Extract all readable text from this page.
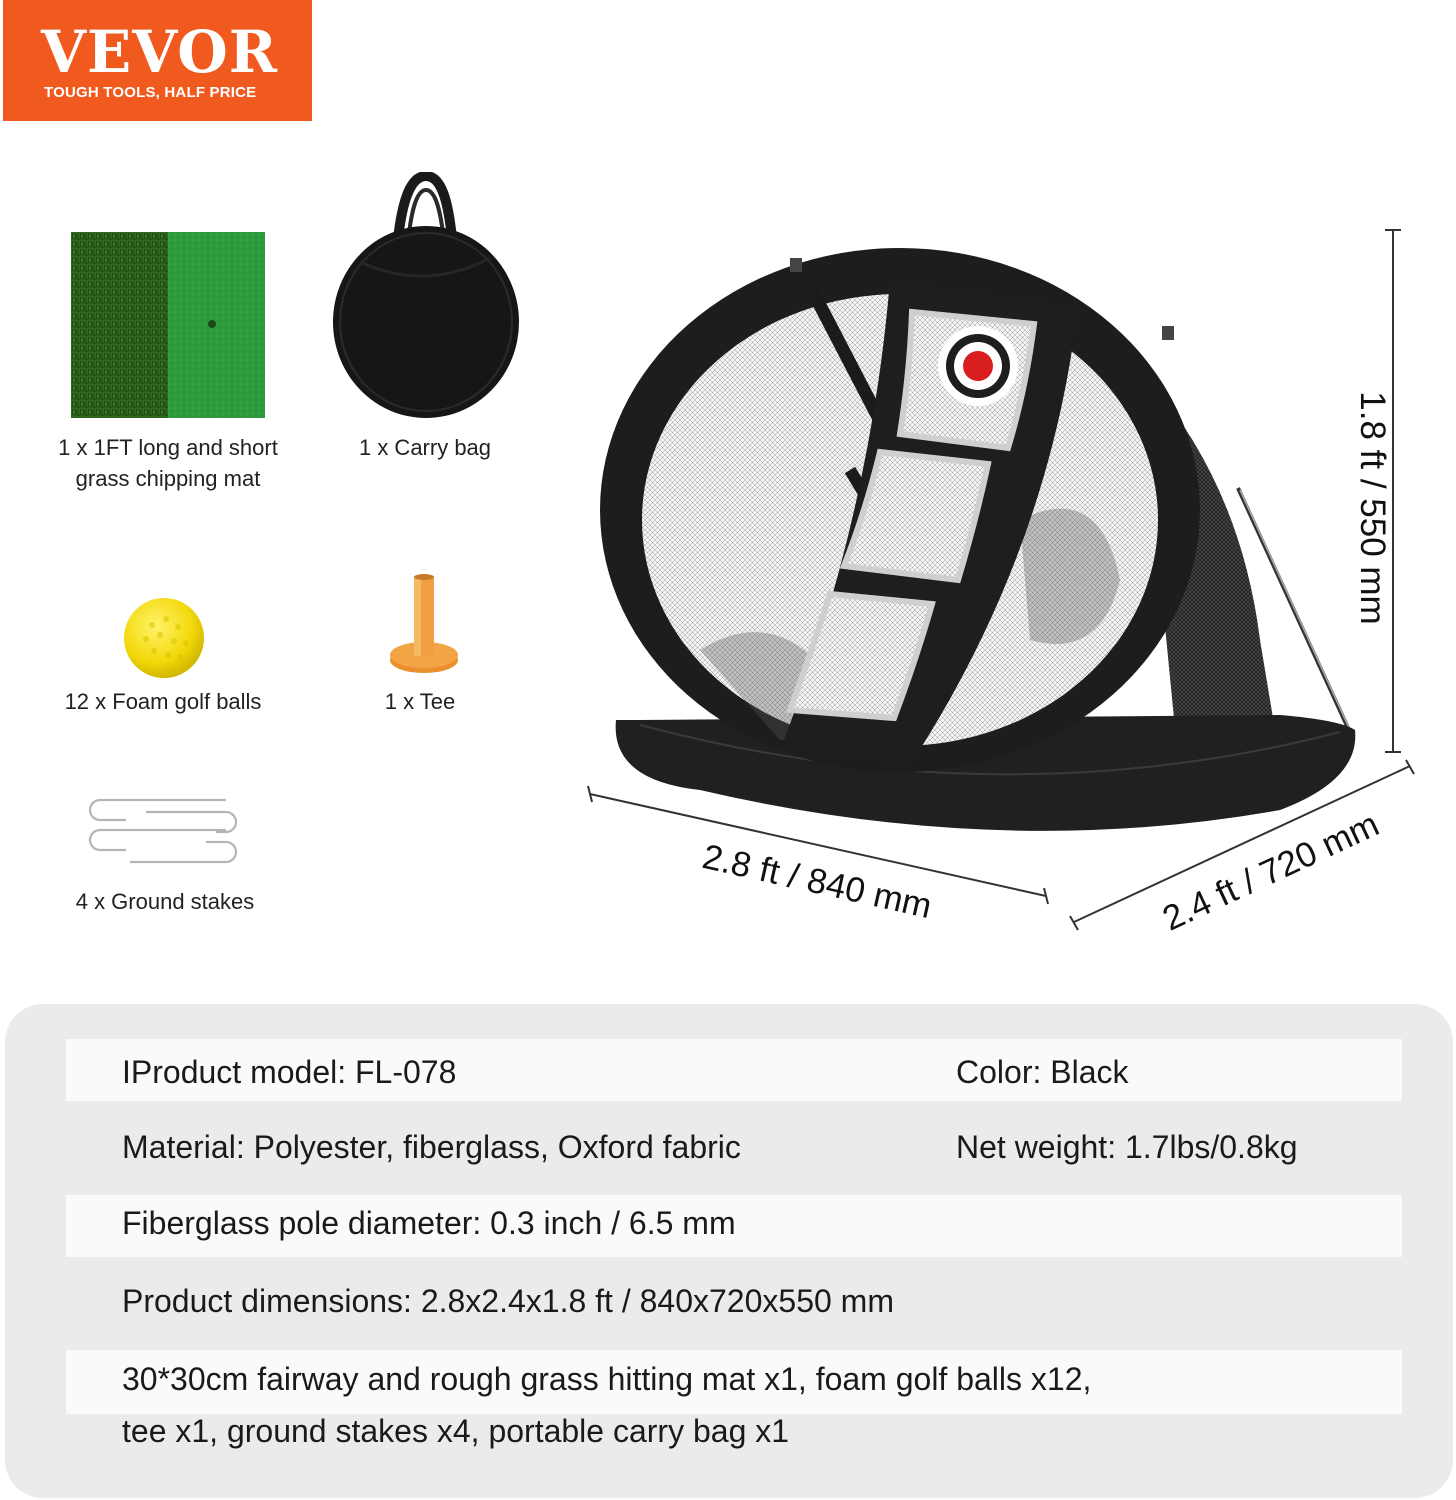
VEVOR
TOUGH TOOLS, HALF PRICE
1 x 1FT long and short
grass chipping mat
1 x Carry bag
12 x Foam golf balls	1 x Tee
4 x Ground stakes
1.8 ft / 550 mm
2.8 ft / 840 mm	2.4 ft / 720 mm
IProduct model: FL-078	Color: Black
Material: Polyester, fiberglass, Oxford fabric	Net weight: 1.7lbs/0.8kg
Fiberglass pole diameter: 0.3 inch / 6.5 mm
Product dimensions: 2.8x2.4x1.8 ft / 840x720x550 mm
30*30cm fairway and rough grass hitting mat x1, foam golf balls x12,
tee x1, ground stakes x4, portable carry bag x1
